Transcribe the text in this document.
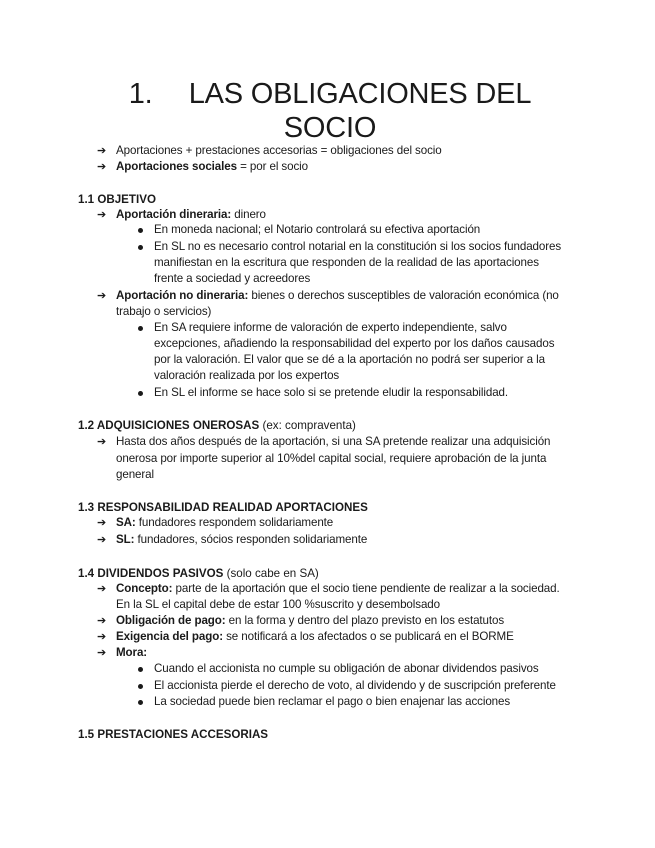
1. LAS OBLIGACIONES DEL
SOCIO
➔ Aportaciones + prestaciones accesorias = obligaciones del socio
➔ Aportaciones sociales = por el socio
1.1 OBJETIVO
➔ Aportación dineraria: dinero
En moneda nacional; el Notario controlará su efectiva aportación
En SL no es necesario control notarial en la constitución si los socios fundadores
manifiestan en la escritura que responden de la realidad de las aportaciones
frente a sociedad y acreedores
➔ Aportación no dineraria: bienes o derechos susceptibles de valoración económica (no
trabajo o servicios)
En SA requiere informe de valoración de experto independiente, salvo
excepciones, añadiendo la responsabilidad del experto por los daños causados
por la valoración. El valor que se dé a la aportación no podrá ser superior a la
valoración realizada por los expertos
En SL el informe se hace solo si se pretende eludir la responsabilidad.
1.2 ADQUISICIONES ONEROSAS (ex: compraventa)
➔ Hasta dos años después de la aportación, si una SA pretende realizar una adquisición
onerosa por importe superior al 10%del capital social, requiere aprobación de la junta
general
1.3 RESPONSABILIDAD REALIDAD APORTACIONES
➔ SA: fundadores respondem solidariamente
➔ SL: fundadores, sócios responden solidariamente
1.4 DIVIDENDOS PASIVOS (solo cabe en SA)
➔ Concepto: parte de la aportación que el socio tiene pendiente de realizar a la sociedad.
En la SL el capital debe de estar 100 %suscrito y desembolsado
➔ Obligación de pago: en la forma y dentro del plazo previsto en los estatutos
➔ Exigencia del pago: se notificará a los afectados o se publicará en el BORME
➔ Mora:
Cuando el accionista no cumple su obligación de abonar dividendos pasivos
El accionista pierde el derecho de voto, al dividendo y de suscripción preferente
La sociedad puede bien reclamar el pago o bien enajenar las acciones
1.5 PRESTACIONES ACCESORIAS
